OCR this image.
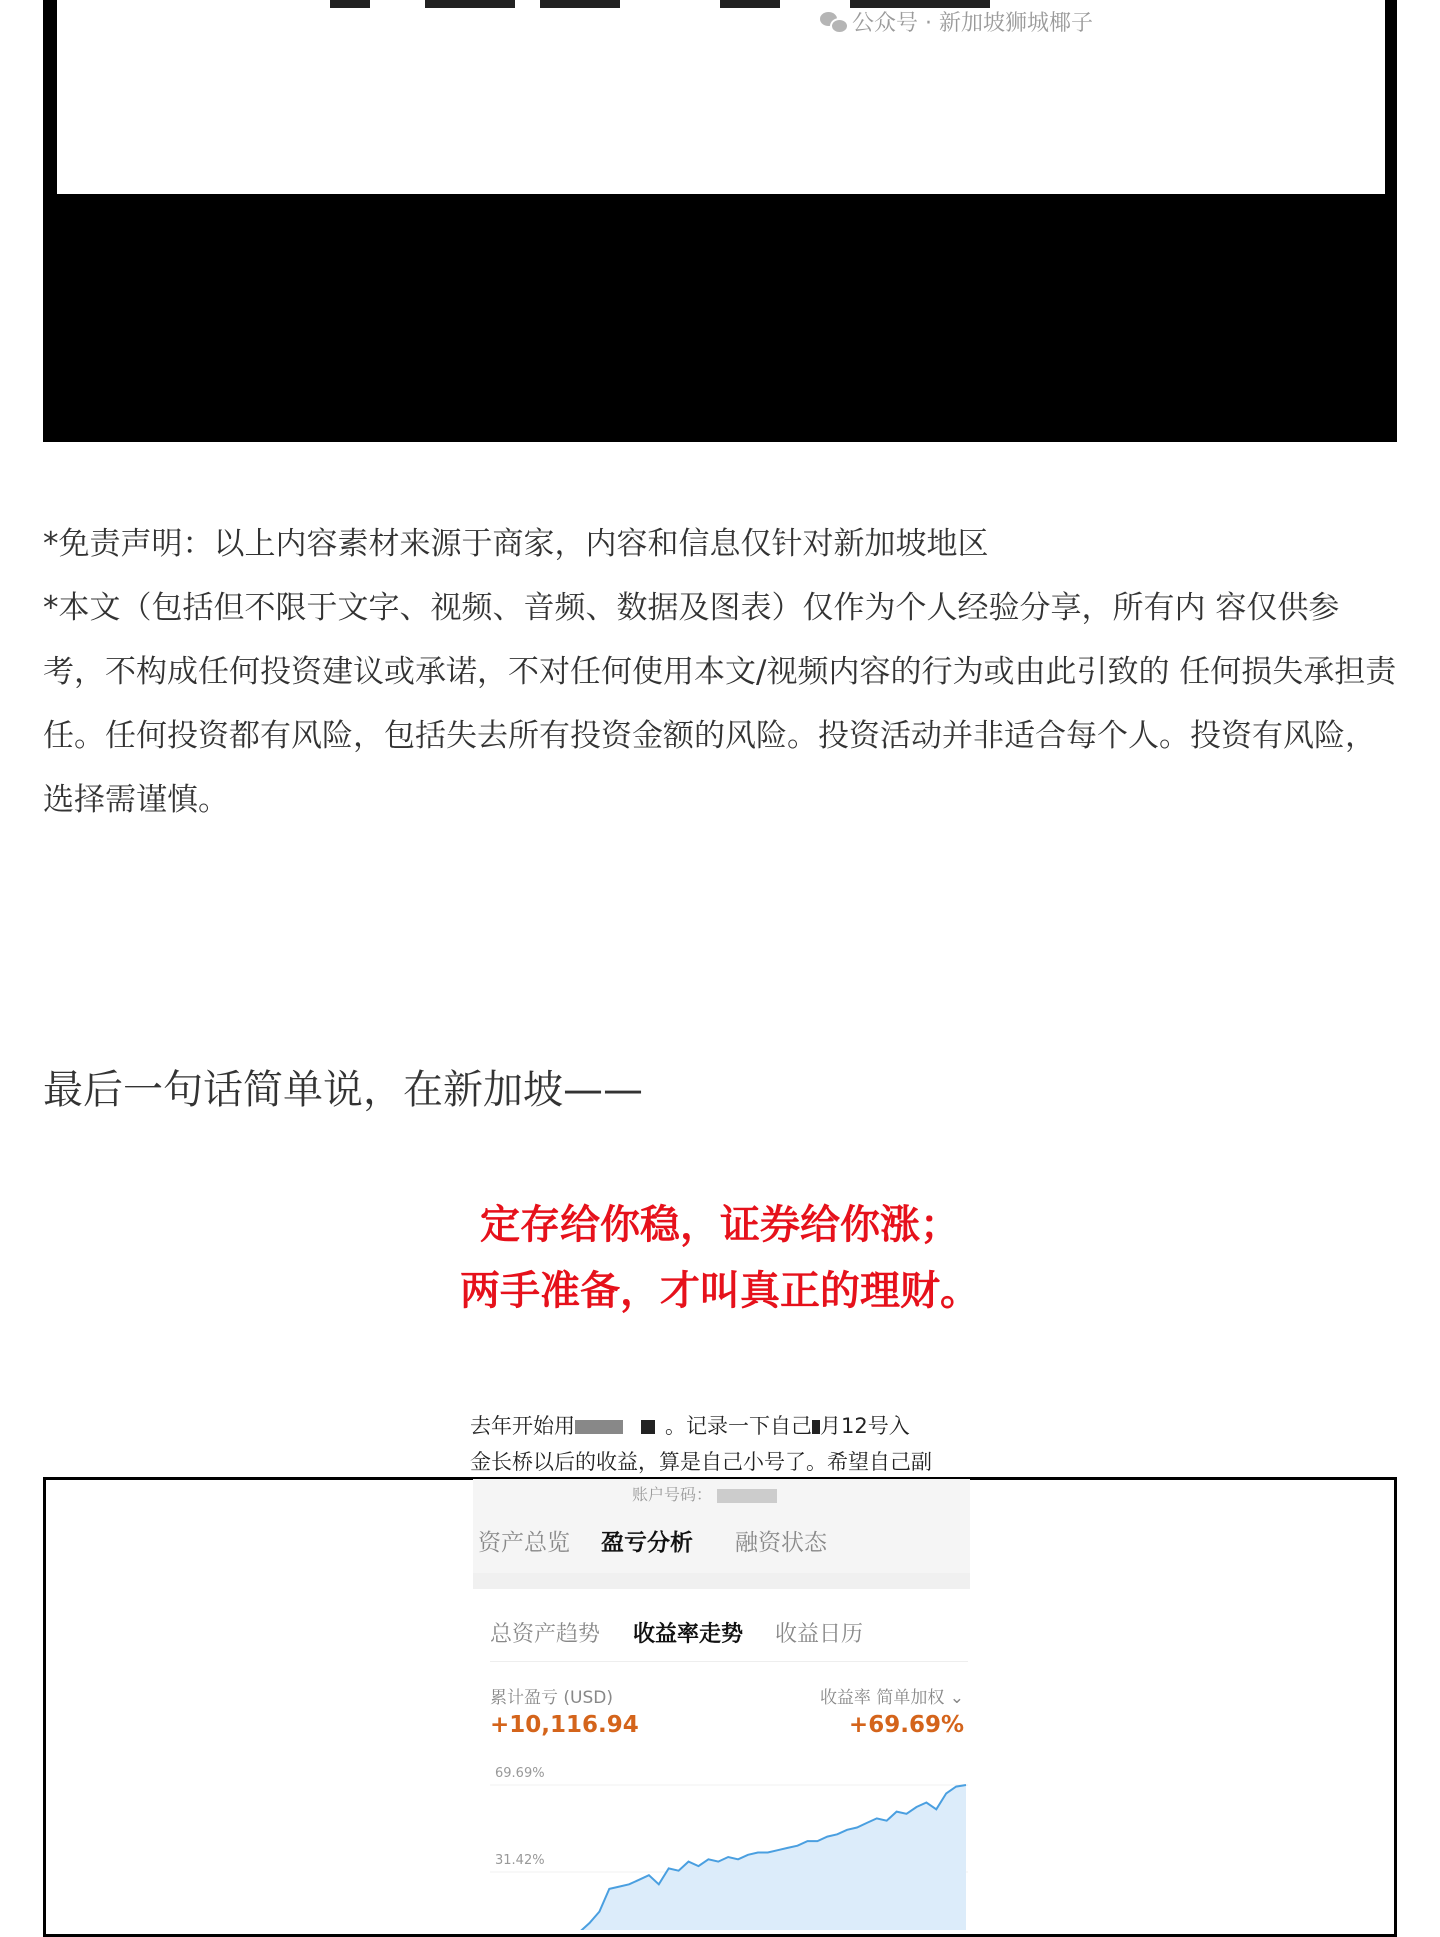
公众号 · 新加坡狮城椰子

*免责声明：以上内容素材来源于商家，内容和信息仅针对新加坡地区

*本文（包括但不限于文字、视频、音频、数据及图表）仅作为个人经验分享，所有内 容仅供参考，不构成任何投资建议或承诺，不对任何使用本文/视频内容的行为或由此引致的 任何损失承担责任。任何投资都有风险，包括失去所有投资金额的风险。投资活动并非适合每个人。投资有风险，选择需谨慎。

最后一句话简单说，在新加坡——
定存给你稳，证券给你涨；
两手准备，才叫真正的理财。
去年开始用	。记录一下自己 月12号入
金长桥以后的收益，算是自己小号了。希望自己副
账户号码：
资产总览 盈亏分析 融资状态
总资产趋势 收益率走势 收益日历
累计盈亏 (USD)
+10,116.94
收益率 简单加权 ⌄
+69.69%
69.69%
31.42%
